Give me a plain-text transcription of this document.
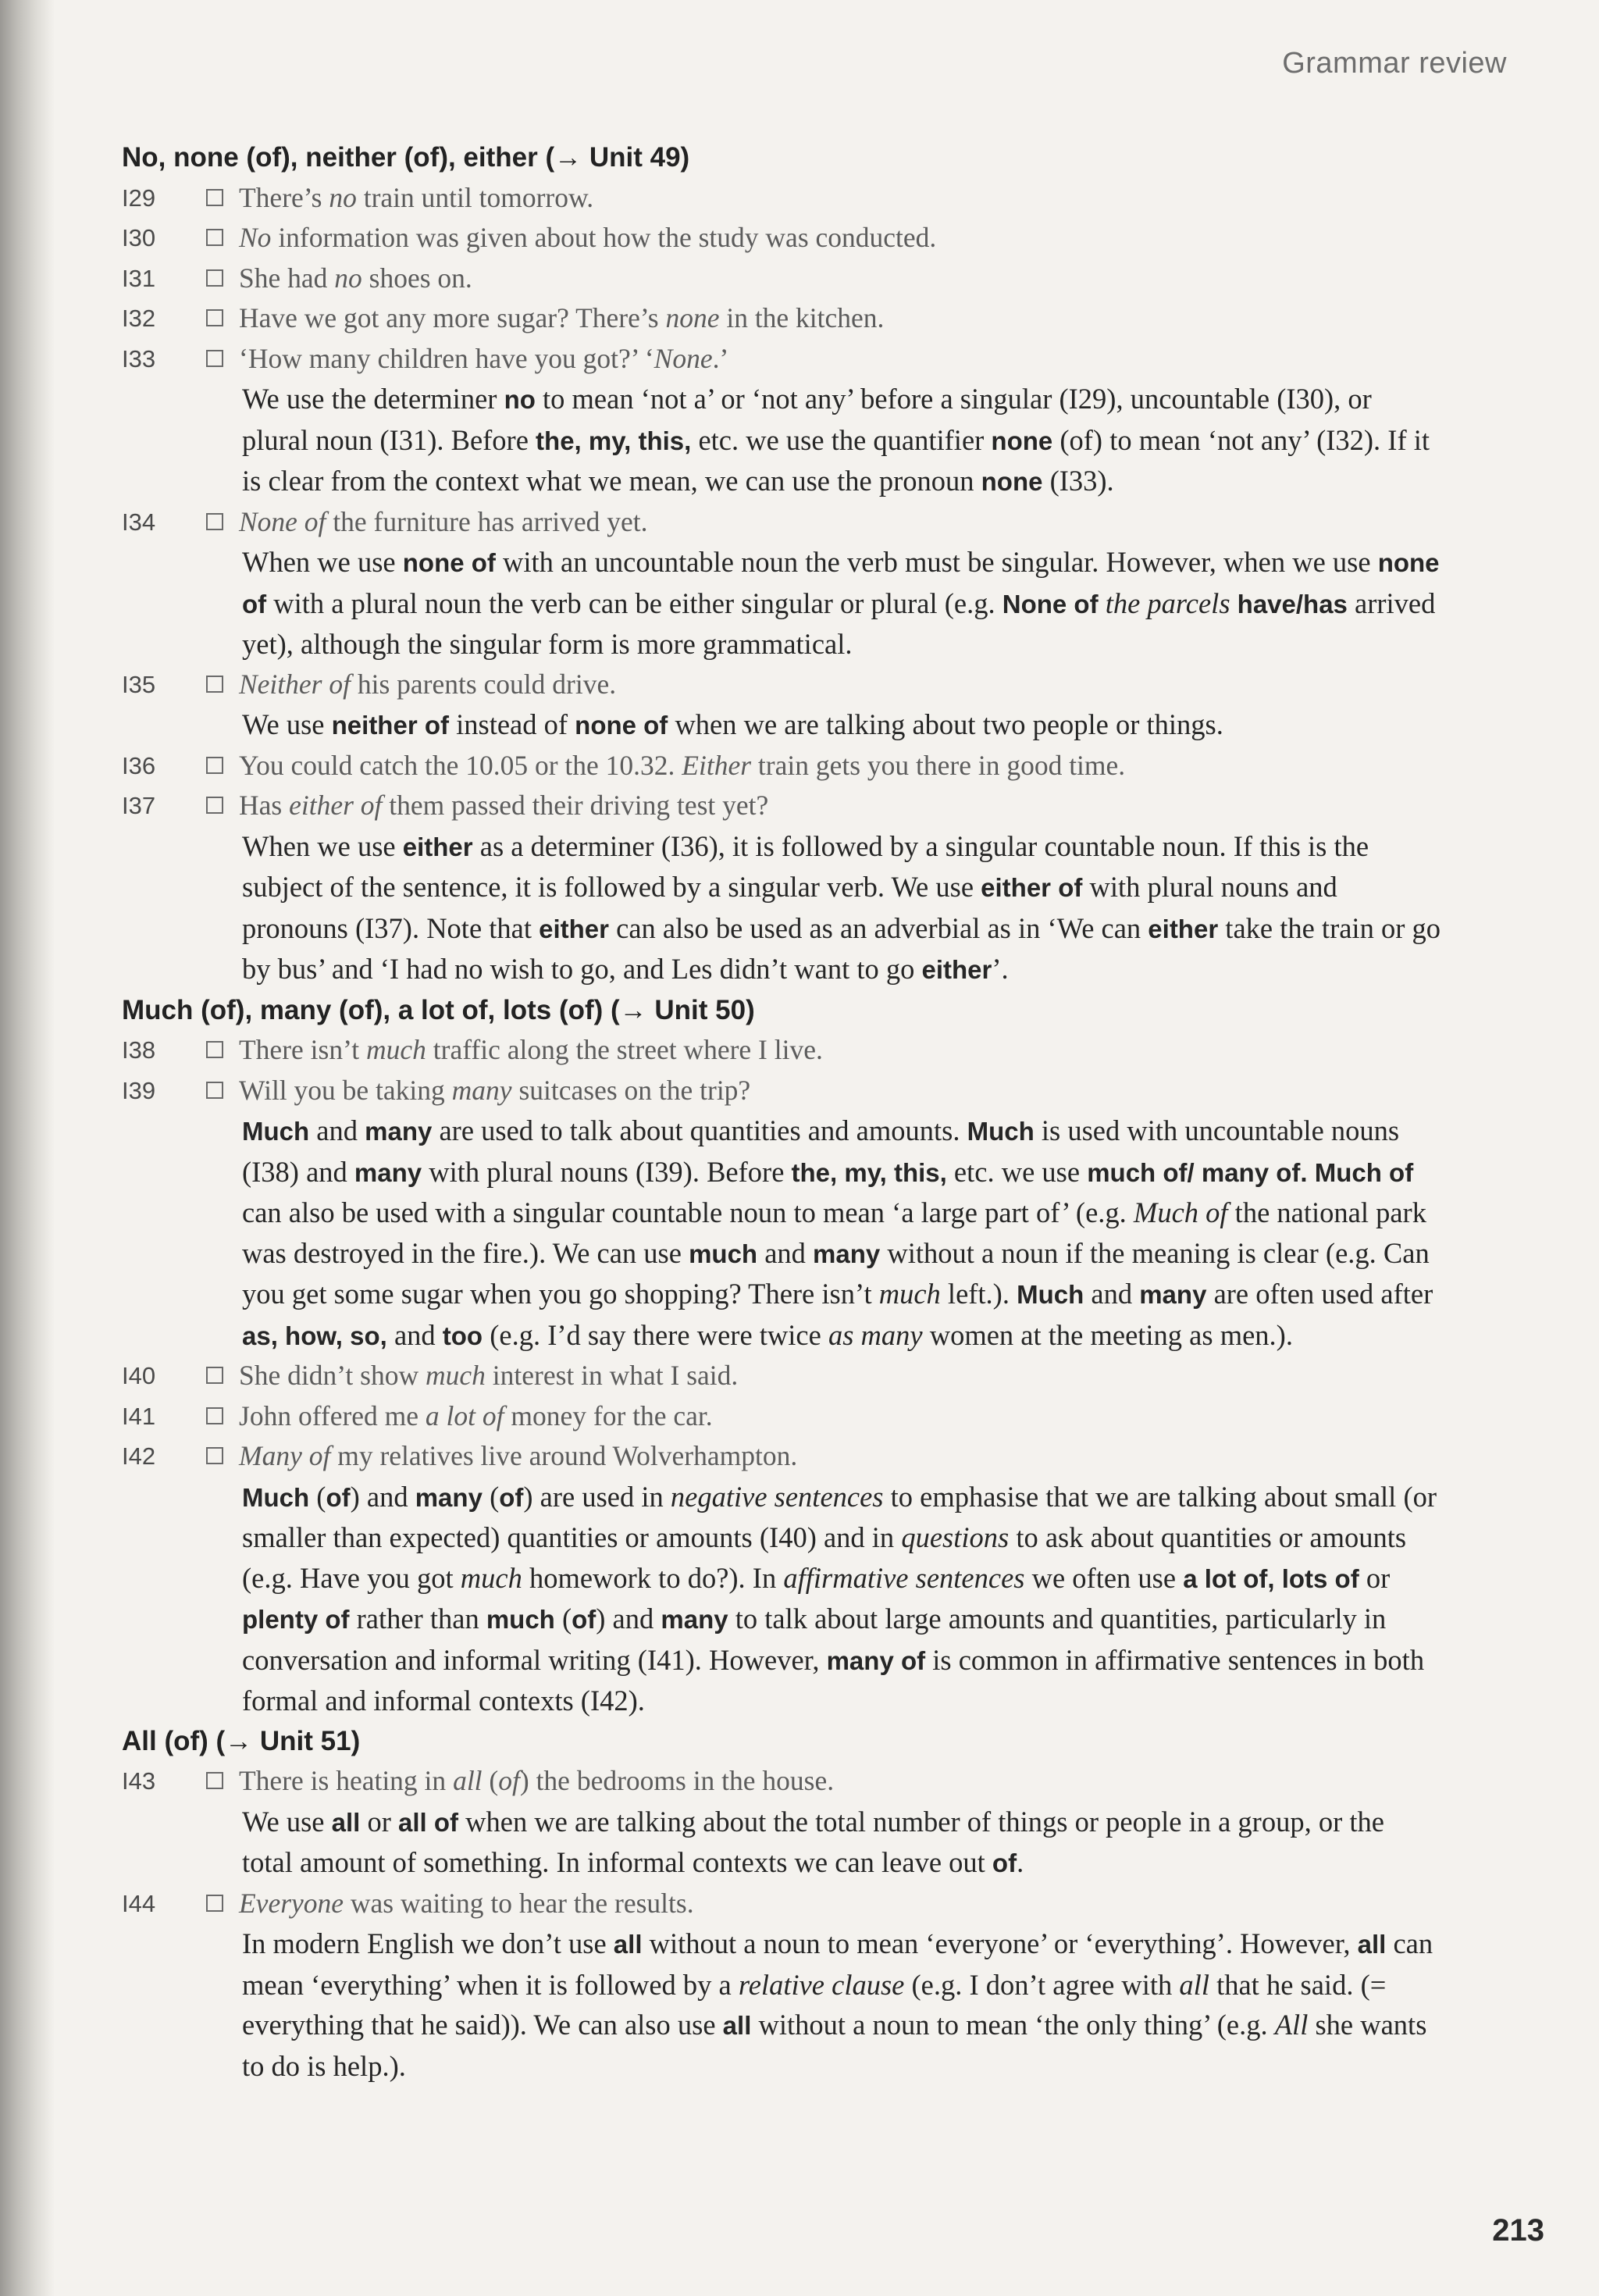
Grammar review
No, none (of), neither (of), either (→ Unit 49)
I29	There’s no train until tomorrow.
I30	No information was given about how the study was conducted.
I31	She had no shoes on.
I32	Have we got any more sugar? There’s none in the kitchen.
I33	‘How many children have you got?’ ‘None.’
We use the determiner no to mean ‘not a’ or ‘not any’ before a singular (I29), uncountable (I30), or plural noun (I31). Before the, my, this, etc. we use the quantifier none (of) to mean ‘not any’ (I32). If it is clear from the context what we mean, we can use the pronoun none (I33).
I34	None of the furniture has arrived yet.
When we use none of with an uncountable noun the verb must be singular. However, when we use none of with a plural noun the verb can be either singular or plural (e.g. None of the parcels have/has arrived yet), although the singular form is more grammatical.
I35	Neither of his parents could drive.
We use neither of instead of none of when we are talking about two people or things.
I36	You could catch the 10.05 or the 10.32. Either train gets you there in good time.
I37	Has either of them passed their driving test yet?
When we use either as a determiner (I36), it is followed by a singular countable noun. If this is the subject of the sentence, it is followed by a singular verb. We use either of with plural nouns and pronouns (I37). Note that either can also be used as an adverbial as in ‘We can either take the train or go by bus’ and ‘I had no wish to go, and Les didn’t want to go either’.
Much (of), many (of), a lot of, lots (of) (→ Unit 50)
I38	There isn’t much traffic along the street where I live.
I39	Will you be taking many suitcases on the trip?
Much and many are used to talk about quantities and amounts. Much is used with uncountable nouns (I38) and many with plural nouns (I39). Before the, my, this, etc. we use much of/ many of. Much of can also be used with a singular countable noun to mean ‘a large part of’ (e.g. Much of the national park was destroyed in the fire.). We can use much and many without a noun if the meaning is clear (e.g. Can you get some sugar when you go shopping? There isn’t much left.). Much and many are often used after as, how, so, and too (e.g. I’d say there were twice as many women at the meeting as men.).
I40	She didn’t show much interest in what I said.
I41	John offered me a lot of money for the car.
I42	Many of my relatives live around Wolverhampton.
Much (of) and many (of) are used in negative sentences to emphasise that we are talking about small (or smaller than expected) quantities or amounts (I40) and in questions to ask about quantities or amounts (e.g. Have you got much homework to do?). In affirmative sentences we often use a lot of, lots of or plenty of rather than much (of) and many to talk about large amounts and quantities, particularly in conversation and informal writing (I41). However, many of is common in affirmative sentences in both formal and informal contexts (I42).
All (of) (→ Unit 51)
I43	There is heating in all (of) the bedrooms in the house.
We use all or all of when we are talking about the total number of things or people in a group, or the total amount of something. In informal contexts we can leave out of.
I44	Everyone was waiting to hear the results.
In modern English we don’t use all without a noun to mean ‘everyone’ or ‘everything’. However, all can mean ‘everything’ when it is followed by a relative clause (e.g. I don’t agree with all that he said. (= everything that he said)). We can also use all without a noun to mean ‘the only thing’ (e.g. All she wants to do is help.).
213
